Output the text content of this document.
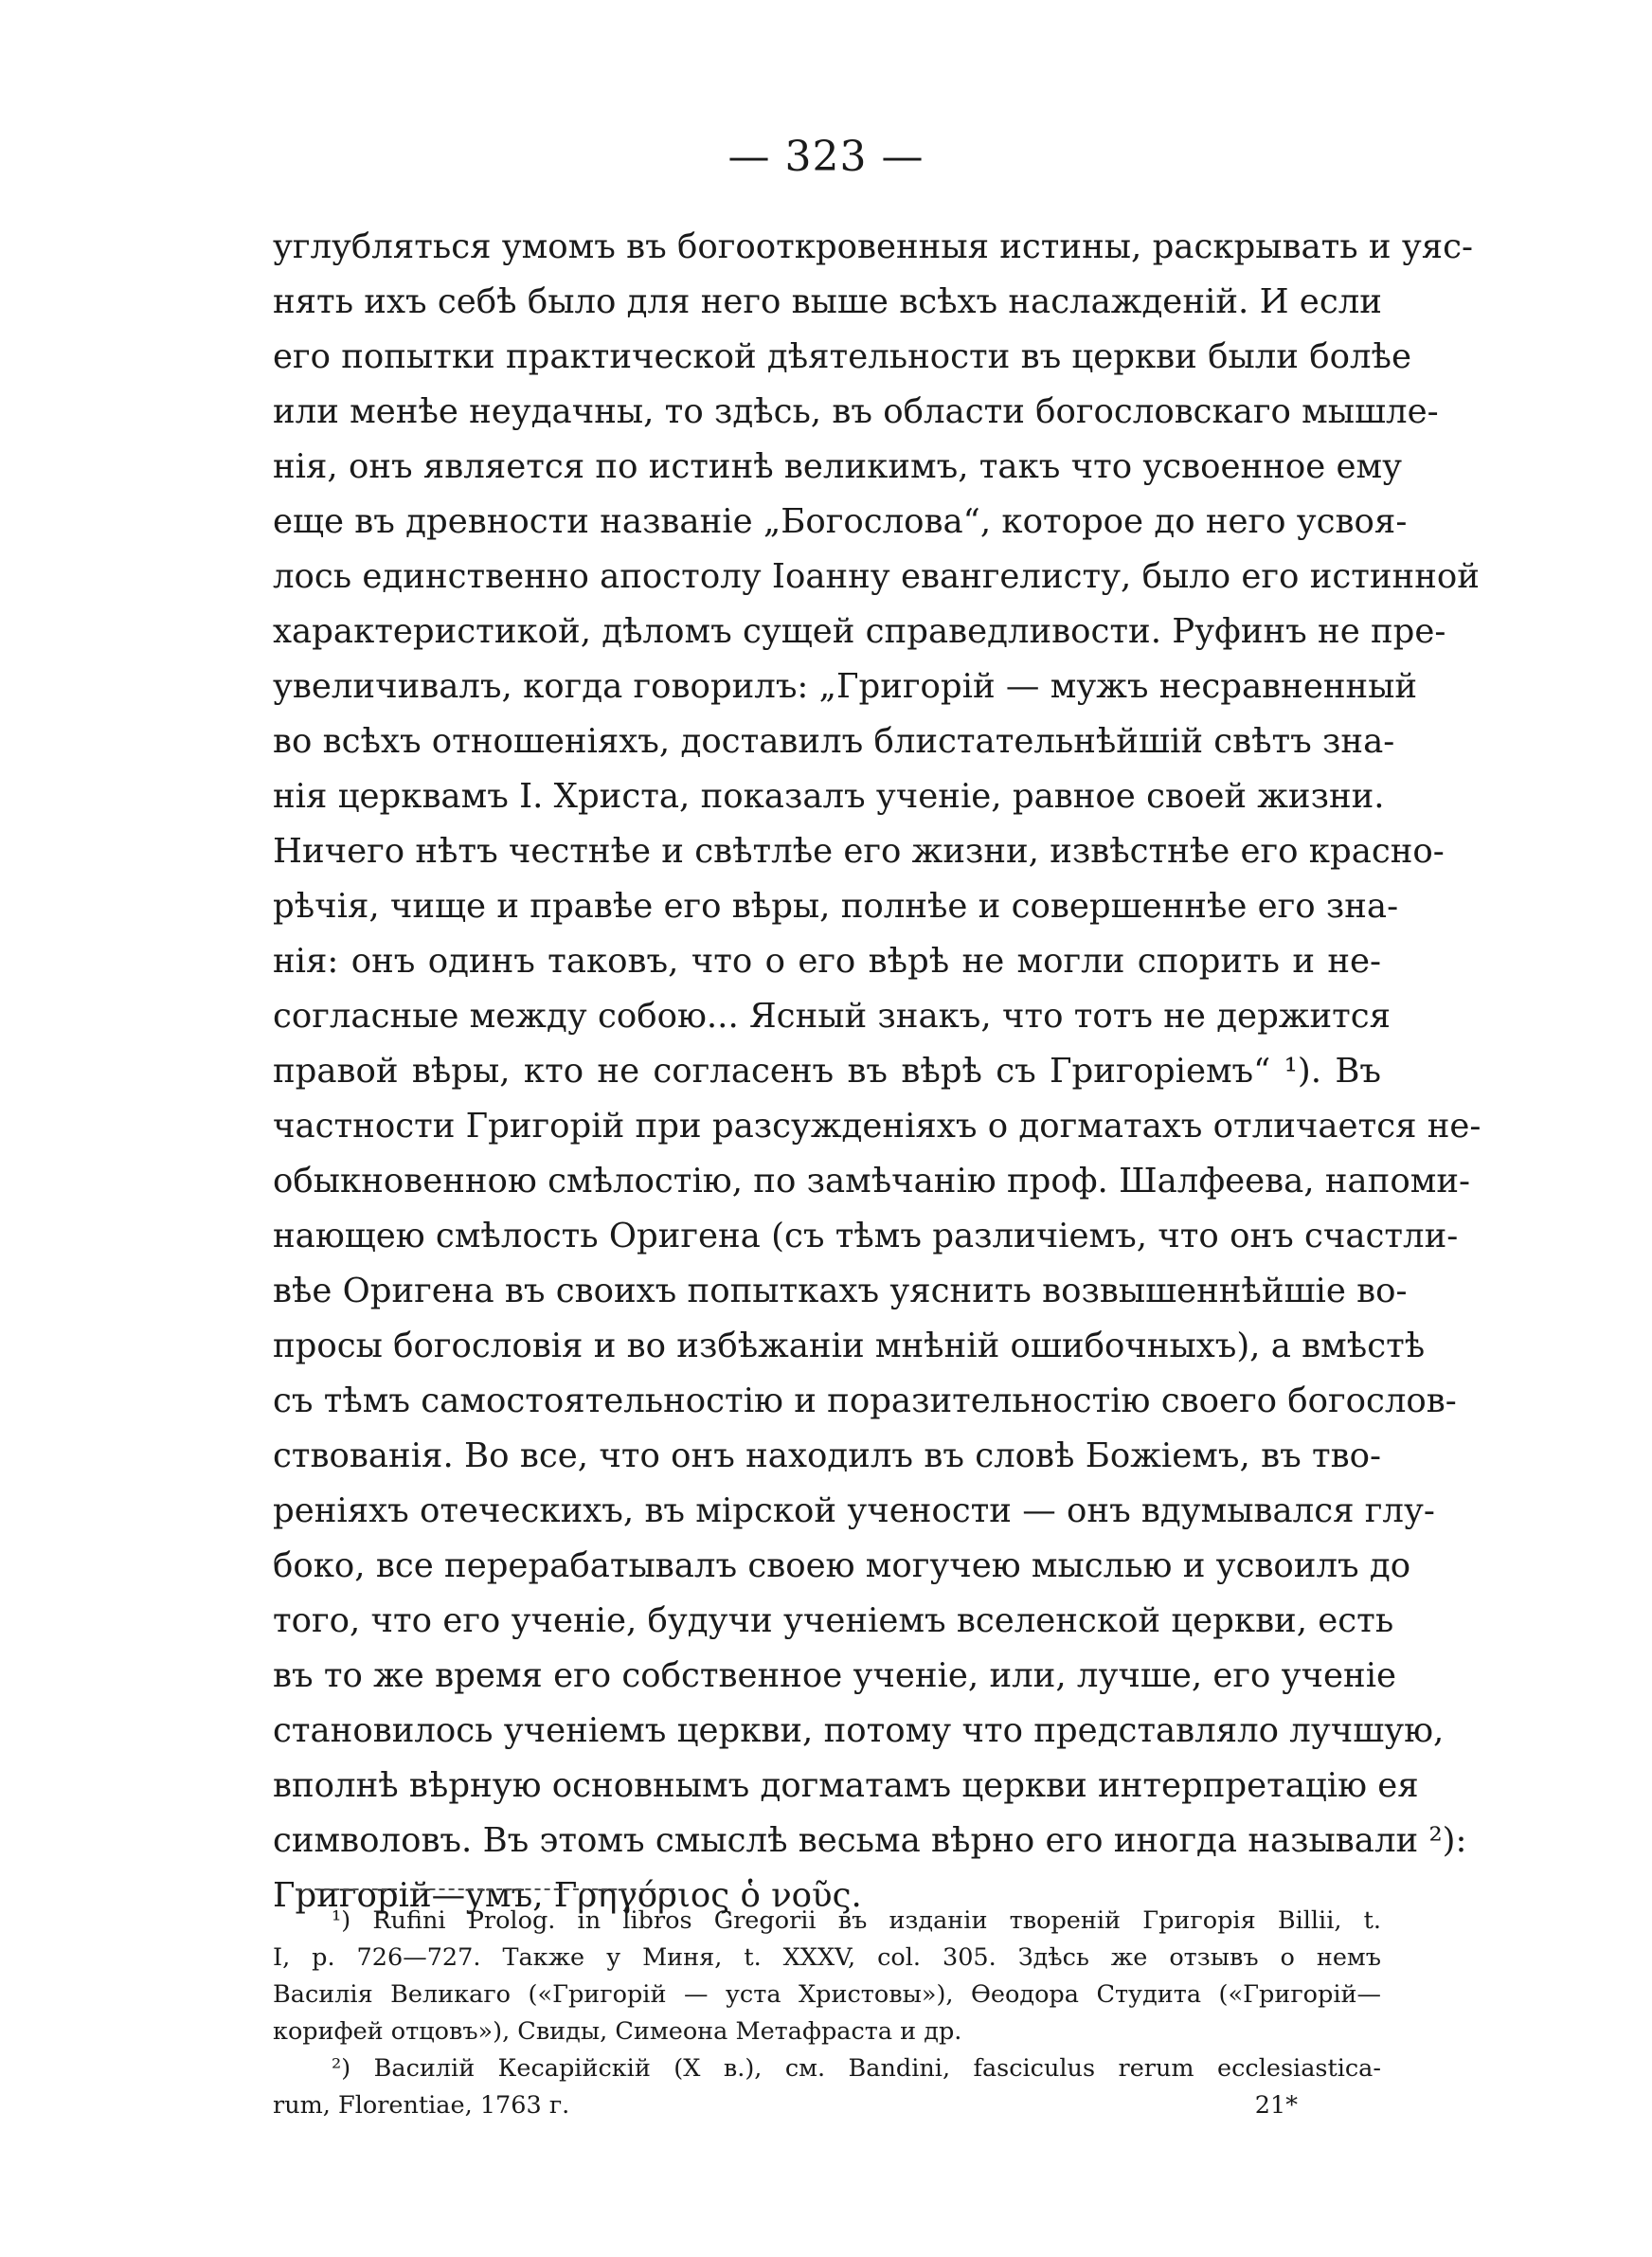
— 323 —
углубляться умомъ въ богооткровенныя истины, раскрывать и уяс-
нять ихъ себѣ было для него выше всѣхъ наслажденій. И если
его попытки практической дѣятельности въ церкви были болѣе
или менѣе неудачны, то здѣсь, въ области богословскаго мышле-
нія, онъ является по истинѣ великимъ, такъ что усвоенное ему
еще въ древности названіе „Богослова“, которое до него усвоя-
лось единственно апостолу Іоанну евангелисту, было его истинной
характеристикой, дѣломъ сущей справедливости. Руфинъ не пре-
увеличивалъ, когда говорилъ: „Григорій — мужъ несравненный
во всѣхъ отношеніяхъ, доставилъ блистательнѣйшій свѣтъ зна-
нія церквамъ І. Христа, показалъ ученіе, равное своей жизни.
Ничего нѣтъ честнѣе и свѣтлѣе его жизни, извѣстнѣе его красно-
рѣчія, чище и правѣе его вѣры, полнѣе и совершеннѣе его зна-
нія: онъ одинъ таковъ, что о его вѣрѣ не могли спорить и не-
согласные между собою... Ясный знакъ, что тотъ не держится
правой вѣры, кто не согласенъ въ вѣрѣ съ Григоріемъ“ ¹). Въ
частности Григорій при разсужденіяхъ о догматахъ отличается не-
обыкновенною смѣлостію, по замѣчанію проф. Шалфеева, напоми-
нающею смѣлость Оригена (съ тѣмъ различіемъ, что онъ счастли-
вѣе Оригена въ своихъ попыткахъ уяснить возвышеннѣйшіе во-
просы богословія и во избѣжаніи мнѣній ошибочныхъ), а вмѣстѣ
съ тѣмъ самостоятельностію и поразительностію своего богослов-
ствованія. Во все, что онъ находилъ въ словѣ Божіемъ, въ тво-
реніяхъ отеческихъ, въ мірской учености — онъ вдумывался глу-
боко, все перерабатывалъ своею могучею мыслью и усвоилъ до
того, что его ученіе, будучи ученіемъ вселенской церкви, есть
въ то же время его собственное ученіе, или, лучше, его ученіе
становилось ученіемъ церкви, потому что представляло лучшую,
вполнѣ вѣрную основнымъ догматамъ церкви интерпретацію ея
символовъ. Въ этомъ смыслѣ весьма вѣрно его иногда называли ²):
Григорій—умъ, Γρηγόριος ὁ νοῦς.
¹) Rufini Prolog. in libros Gregorii въ изданіи твореній Григорія Billii, t.
I, p. 726—727. Также у Миня, t. XXXV, col. 305. Здѣсь же отзывъ о немъ
Василія Великаго («Григорій — уста Христовы»), Ѳеодора Студита («Григорій—
корифей отцовъ»), Свиды, Симеона Метафраста и др.
²) Василій Кесарійскій (X в.), см. Bandini, fasciculus rerum ecclesiastica-
rum, Florentiae, 1763 г.	21*
